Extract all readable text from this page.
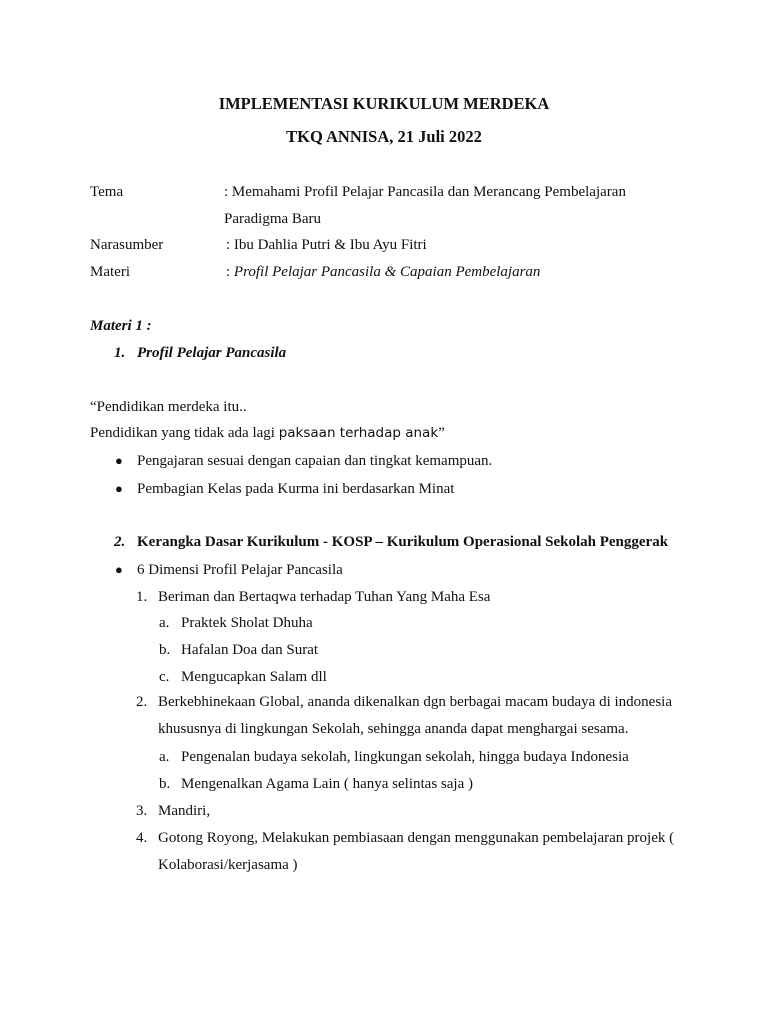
IMPLEMENTASI KURIKULUM MERDEKA
TKQ ANNISA, 21 Juli 2022
Tema	: Memahami Profil Pelajar Pancasila dan Merancang Pembelajaran
Paradigma Baru
Narasumber	: Ibu Dahlia Putri & Ibu Ayu Fitri
Materi	: Profil Pelajar Pancasila & Capaian Pembelajaran
Materi 1 :
1. Profil Pelajar Pancasila
“Pendidikan merdeka itu..
Pendidikan yang tidak ada lagi paksaan terhadap anak”
● Pengajaran sesuai dengan capaian dan tingkat kemampuan.
● Pembagian Kelas pada Kurma ini berdasarkan Minat
2. Kerangka Dasar Kurikulum - KOSP – Kurikulum Operasional Sekolah Penggerak
● 6 Dimensi Profil Pelajar Pancasila
1. Beriman dan Bertaqwa terhadap Tuhan Yang Maha Esa
a. Praktek Sholat Dhuha
b. Hafalan Doa dan Surat
c. Mengucapkan Salam dll
2. Berkebhinekaan Global, ananda dikenalkan dgn berbagai macam budaya di indonesia
khususnya di lingkungan Sekolah, sehingga ananda dapat menghargai sesama.
a. Pengenalan budaya sekolah, lingkungan sekolah, hingga budaya Indonesia
b. Mengenalkan Agama Lain ( hanya selintas saja )
3. Mandiri,
4. Gotong Royong, Melakukan pembiasaan dengan menggunakan pembelajaran projek (
Kolaborasi/kerjasama )
